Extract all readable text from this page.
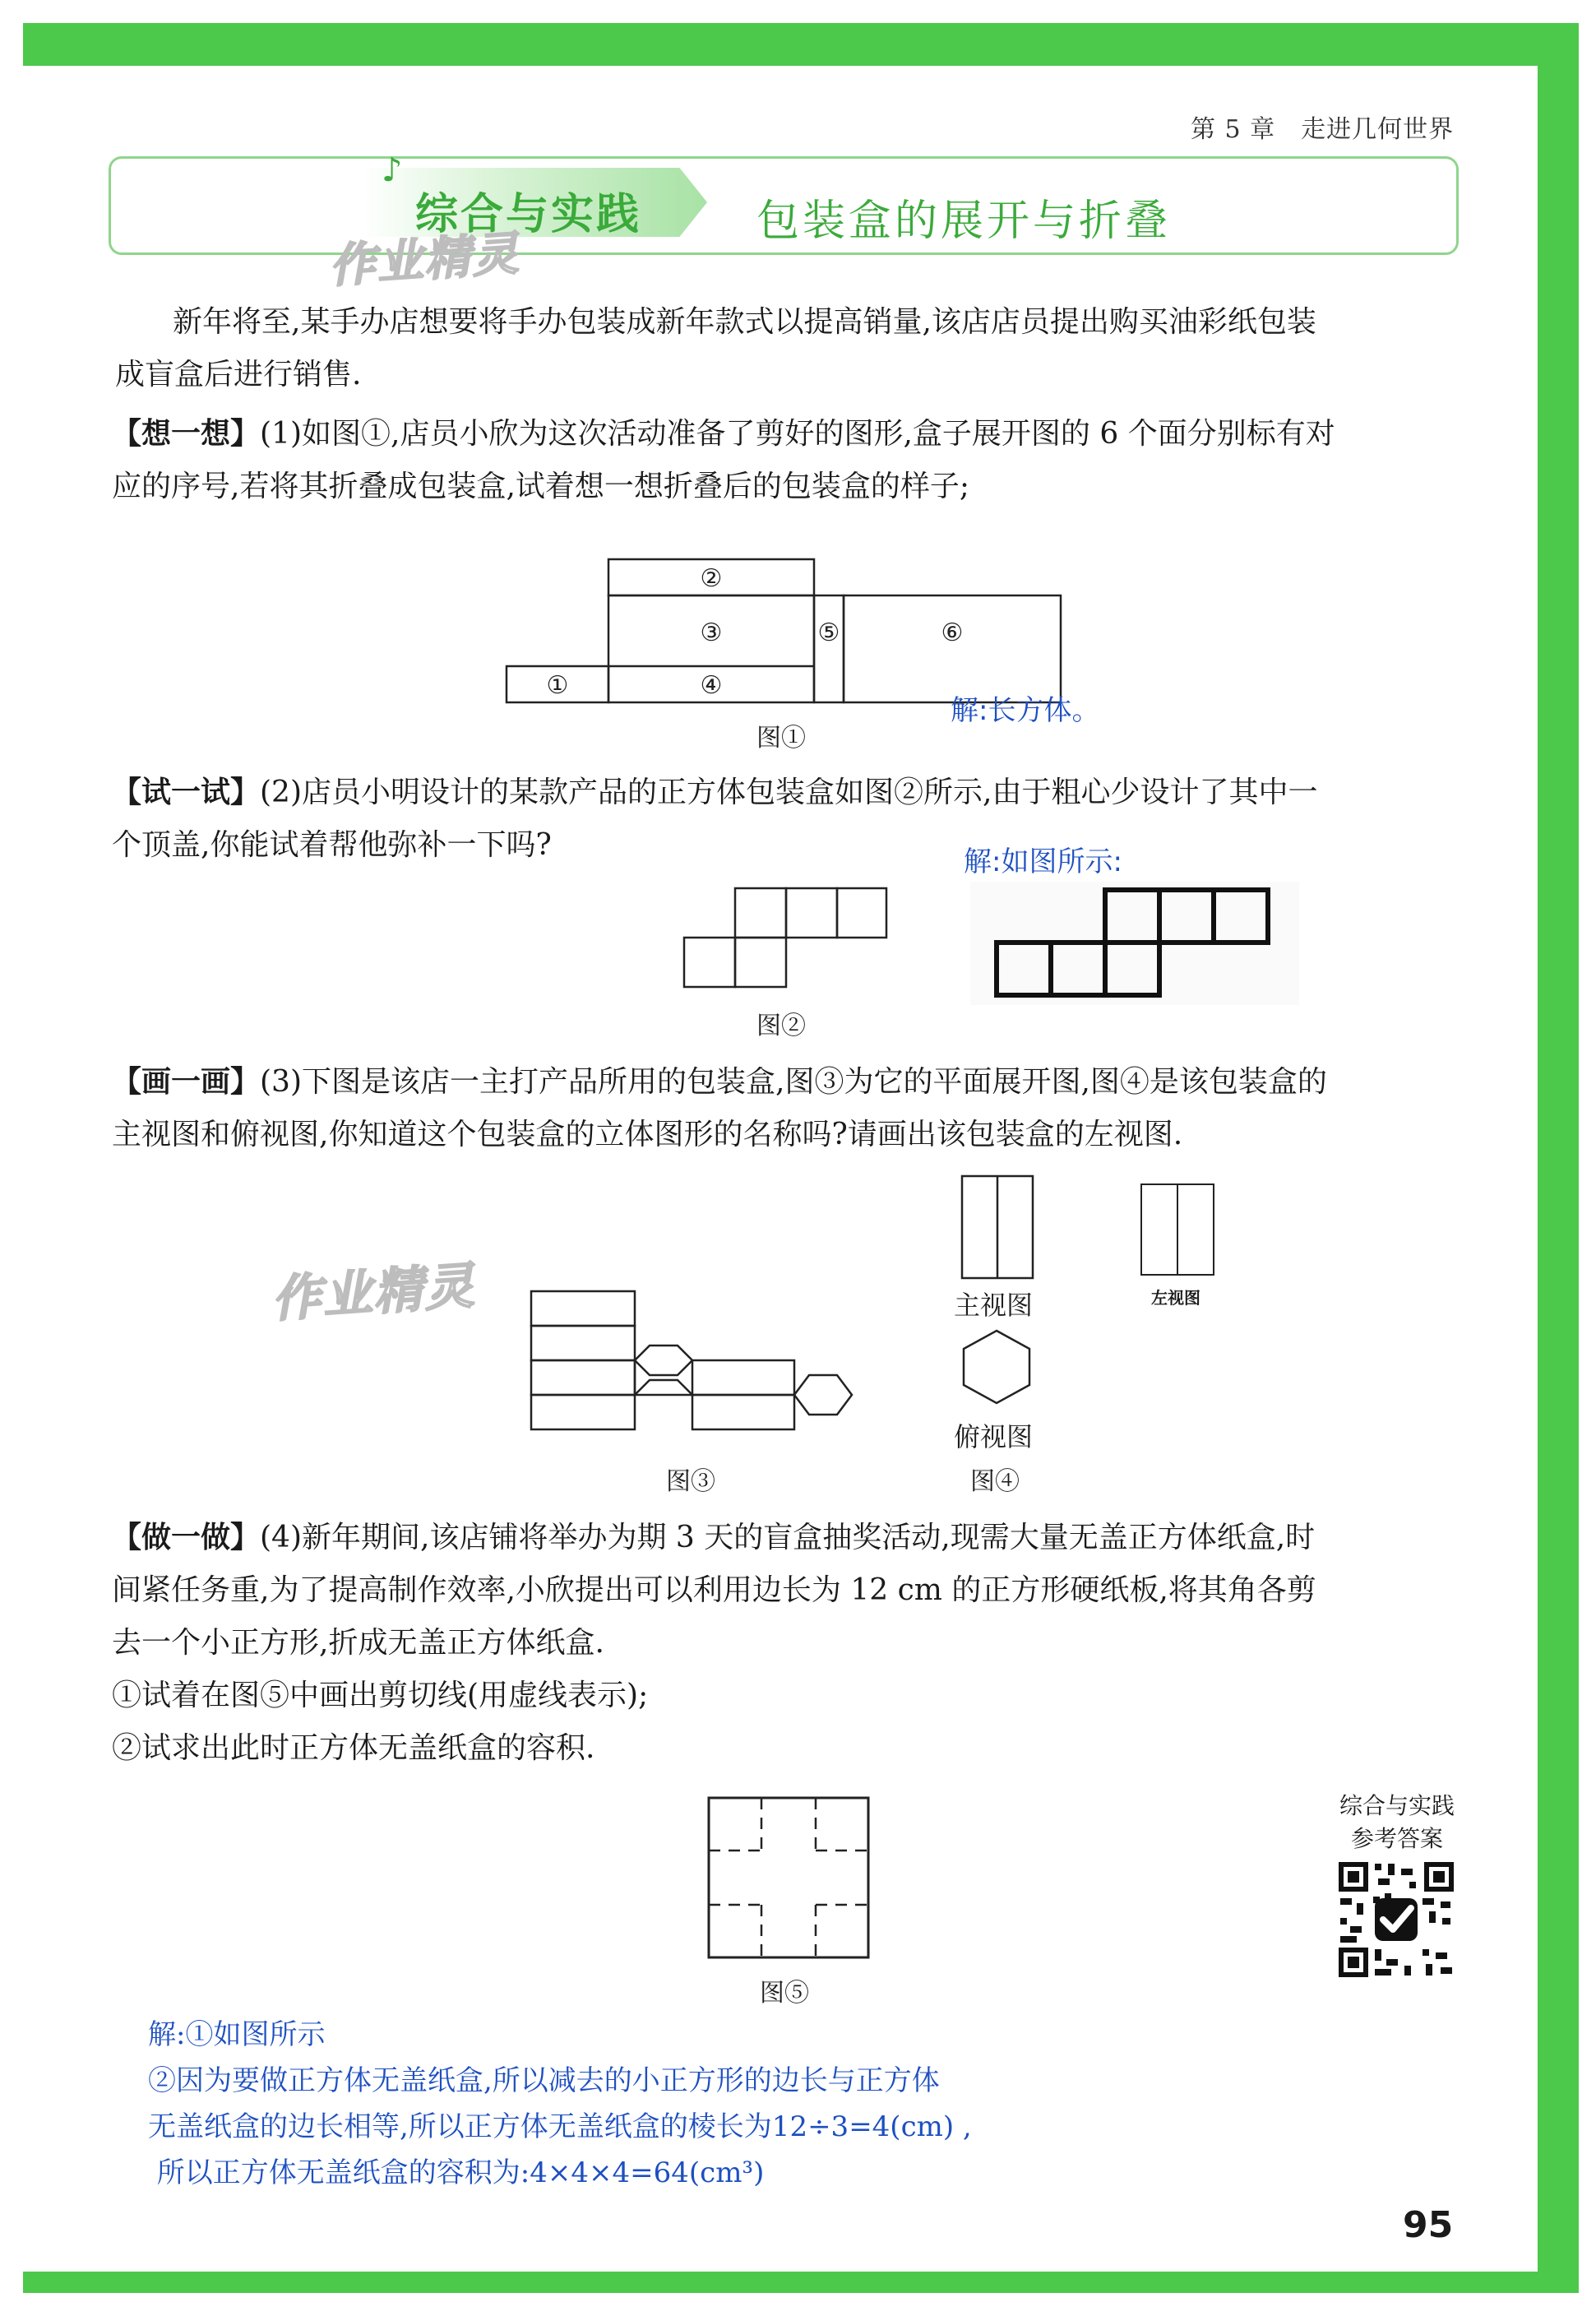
第 5 章　走进几何世界
♪
综合与实践	包装盒的展开与折叠
作业精灵
新年将至,某手办店想要将手办包装成新年款式以提高销量,该店店员提出购买油彩纸包装
成盲盒后进行销售.
【想一想】(1)如图①,店员小欣为这次活动准备了剪好的图形,盒子展开图的 6 个面分别标有对
应的序号,若将其折叠成包装盒,试着想一想折叠后的包装盒的样子;
①
②
③
④
⑤	⑥
解:长方体。
图①
【试一试】(2)店员小明设计的某款产品的正方体包装盒如图②所示,由于粗心少设计了其中一
个顶盖,你能试着帮他弥补一下吗?	解:如图所示:
图②
【画一画】(3)下图是该店一主打产品所用的包装盒,图③为它的平面展开图,图④是该包装盒的
主视图和俯视图,你知道这个包装盒的立体图形的名称吗?请画出该包装盒的左视图.
作业精灵
图③
主视图	左视图
俯视图
图④
【做一做】(4)新年期间,该店铺将举办为期 3 天的盲盒抽奖活动,现需大量无盖正方体纸盒,时
间紧任务重,为了提高制作效率,小欣提出可以利用边长为 12 cm 的正方形硬纸板,将其角各剪
去一个小正方形,折成无盖正方体纸盒.
①试着在图⑤中画出剪切线(用虚线表示);
②试求出此时正方体无盖纸盒的容积.
图⑤
综合与实践
参考答案
解:①如图所示
②因为要做正方体无盖纸盒,所以减去的小正方形的边长与正方体
无盖纸盒的边长相等,所以正方体无盖纸盒的棱长为12÷3=4(cm) ,
所以正方体无盖纸盒的容积为:4×4×4=64(cm³)
95
